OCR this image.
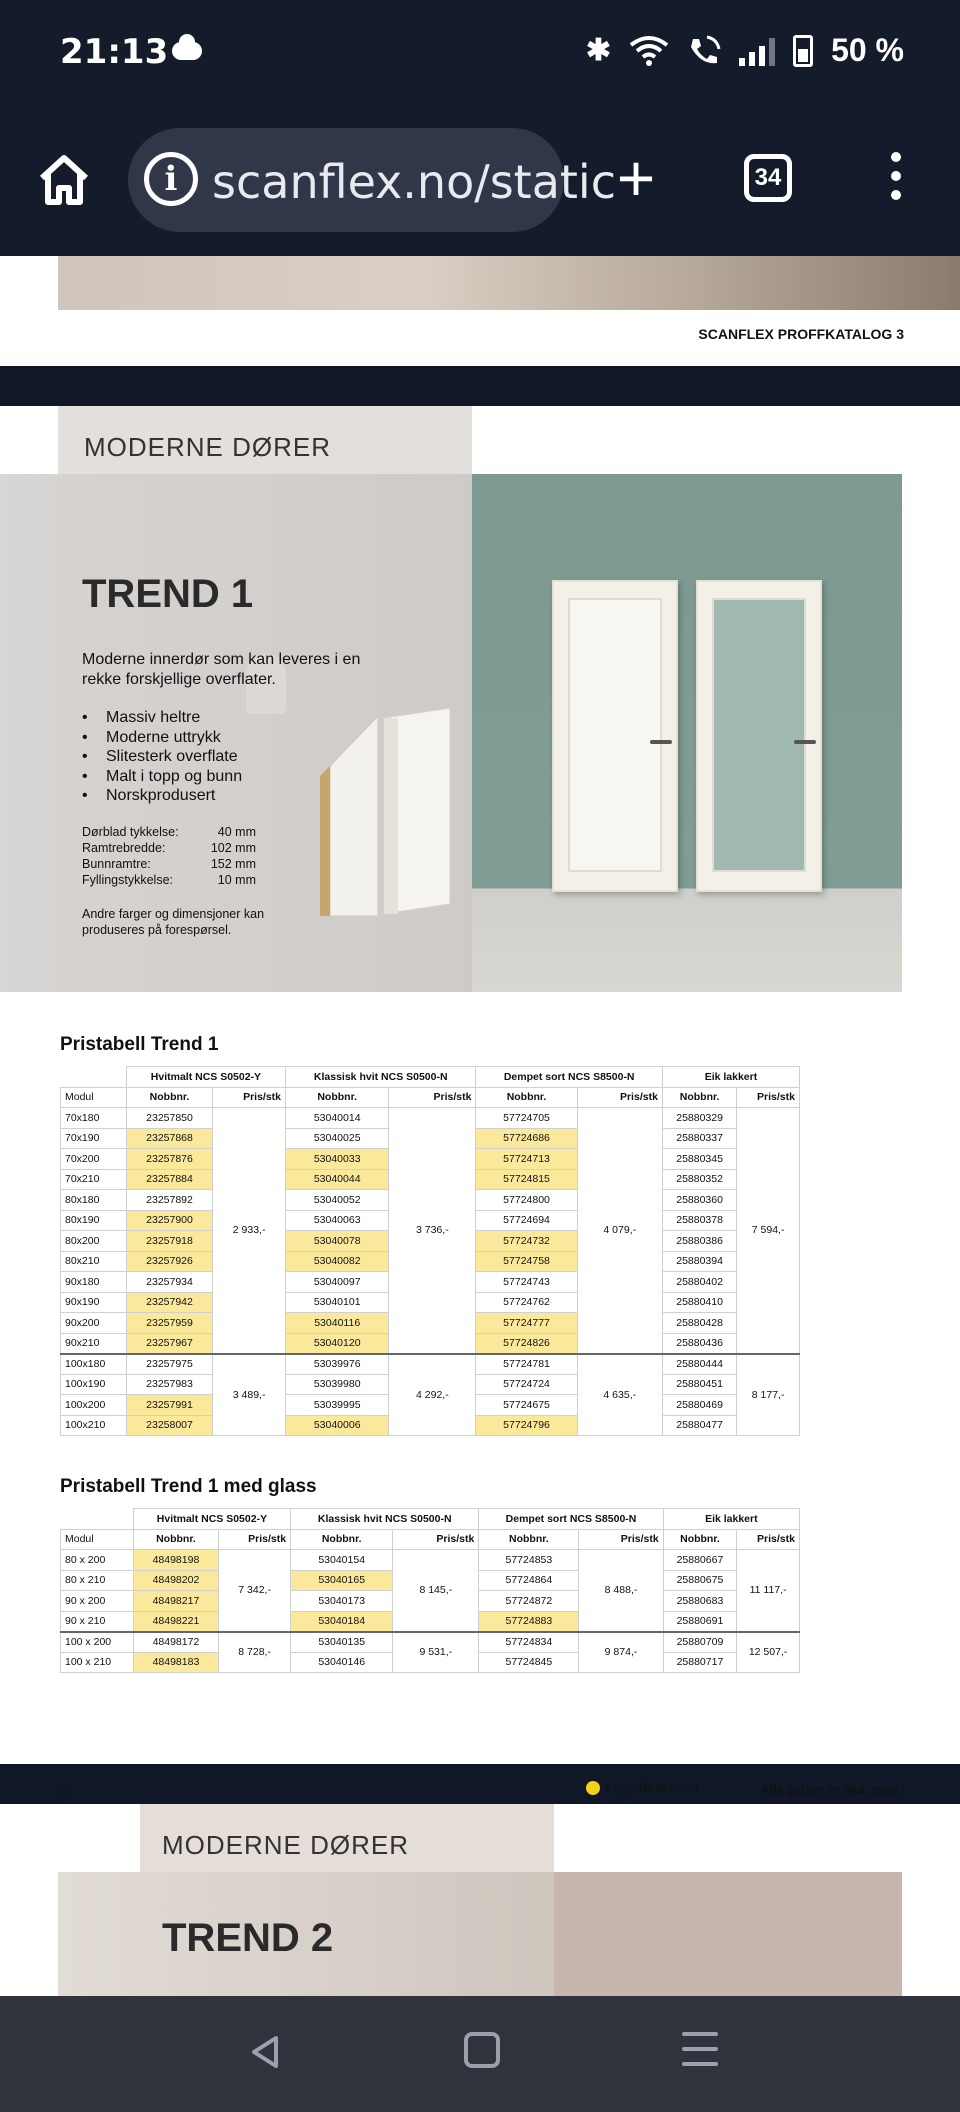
21:13	✱	50 %
i scanflex.no/static +	34
SCANFLEX PROFFKATALOG 3
MODERNE DØRER
TREND 1
Moderne innerdør som kan leveres i en rekke forskjellige overflater.
• Massiv heltre
• Moderne uttrykk
• Slitesterk overflate
• Malt i topp og bunn
• Norskprodusert
Dørblad tykkelse:	40 mm
Ramtrebredde:	102 mm
Bunnramtre:	152 mm
Fyllingstykkelse:	10 mm
Andre farger og dimensjoner kan produseres på forespørsel.
Pristabell Trend 1
	Hvitmalt NCS S0502-Y		Klassisk hvit NCS S0500-N		Dempet sort NCS S8500-N		Eik lakkert	
Modul	Nobbnr.	Pris/stk	Nobbnr.	Pris/stk	Nobbnr.	Pris/stk	Nobbnr.	Pris/stk
70x180	23257850	2 933,-	53040014	3 736,-	57724705	4 079,-	25880329	7 594,-
70x190	23257868		53040025		57724686		25880337	
70x200	23257876		53040033		57724713		25880345	
70x210	23257884		53040044		57724815		25880352	
80x180	23257892		53040052		57724800		25880360	
80x190	23257900		53040063		57724694		25880378	
80x200	23257918		53040078		57724732		25880386	
80x210	23257926		53040082		57724758		25880394	
90x180	23257934		53040097		57724743		25880402	
90x190	23257942		53040101		57724762		25880410	
90x200	23257959		53040116		57724777		25880428	
90x210	23257967		53040120		57724826		25880436	
100x180	23257975	3 489,-	53039976	4 292,-	57724781	4 635,-	25880444	8 177,-
100x190	23257983		53039980		57724724		25880451	
100x200	23257991		53039995		57724675		25880469	
100x210	23258007		53040006		57724796		25880477	
Pristabell Trend 1 med glass
	Hvitmalt NCS S0502-Y		Klassisk hvit NCS S0500-N		Dempet sort NCS S8500-N		Eik lakkert	
Modul	Nobbnr.	Pris/stk	Nobbnr.	Pris/stk	Nobbnr.	Pris/stk	Nobbnr.	Pris/stk
80 x 200	48498198	7 342,-	53040154	8 145,-	57724853	8 488,-	25880667	11 117,-
80 x 210	48498202		53040165		57724864		25880675	
90 x 200	48498217		53040173		57724872		25880683	
90 x 210	48498221		53040184		57724883		25880691	
100 x 200	48498172	8 728,-	53040135	9 531,-	57724834	9 874,-	25880709	12 507,-
100 x 210	48498183		53040146		57724845		25880717	
4	Lagerførte varer	Alle priser er eks. mva.
MODERNE DØRER
TREND 2
